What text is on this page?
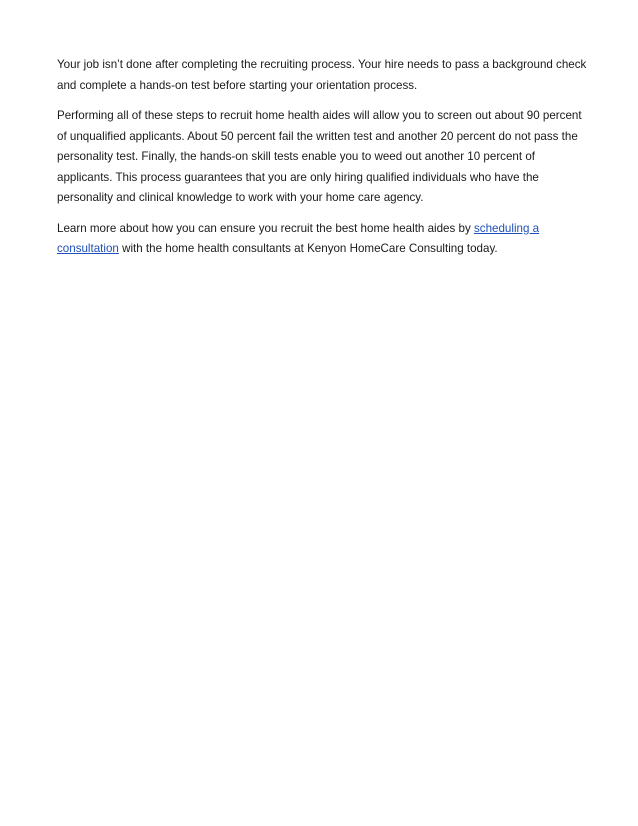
Your job isn’t done after completing the recruiting process. Your hire needs to pass a background check and complete a hands-on test before starting your orientation process.

Performing all of these steps to recruit home health aides will allow you to screen out about 90 percent of unqualified applicants. About 50 percent fail the written test and another 20 percent do not pass the personality test. Finally, the hands-on skill tests enable you to weed out another 10 percent of applicants. This process guarantees that you are only hiring qualified individuals who have the personality and clinical knowledge to work with your home care agency.

Learn more about how you can ensure you recruit the best home health aides by scheduling a consultation with the home health consultants at Kenyon HomeCare Consulting today.
